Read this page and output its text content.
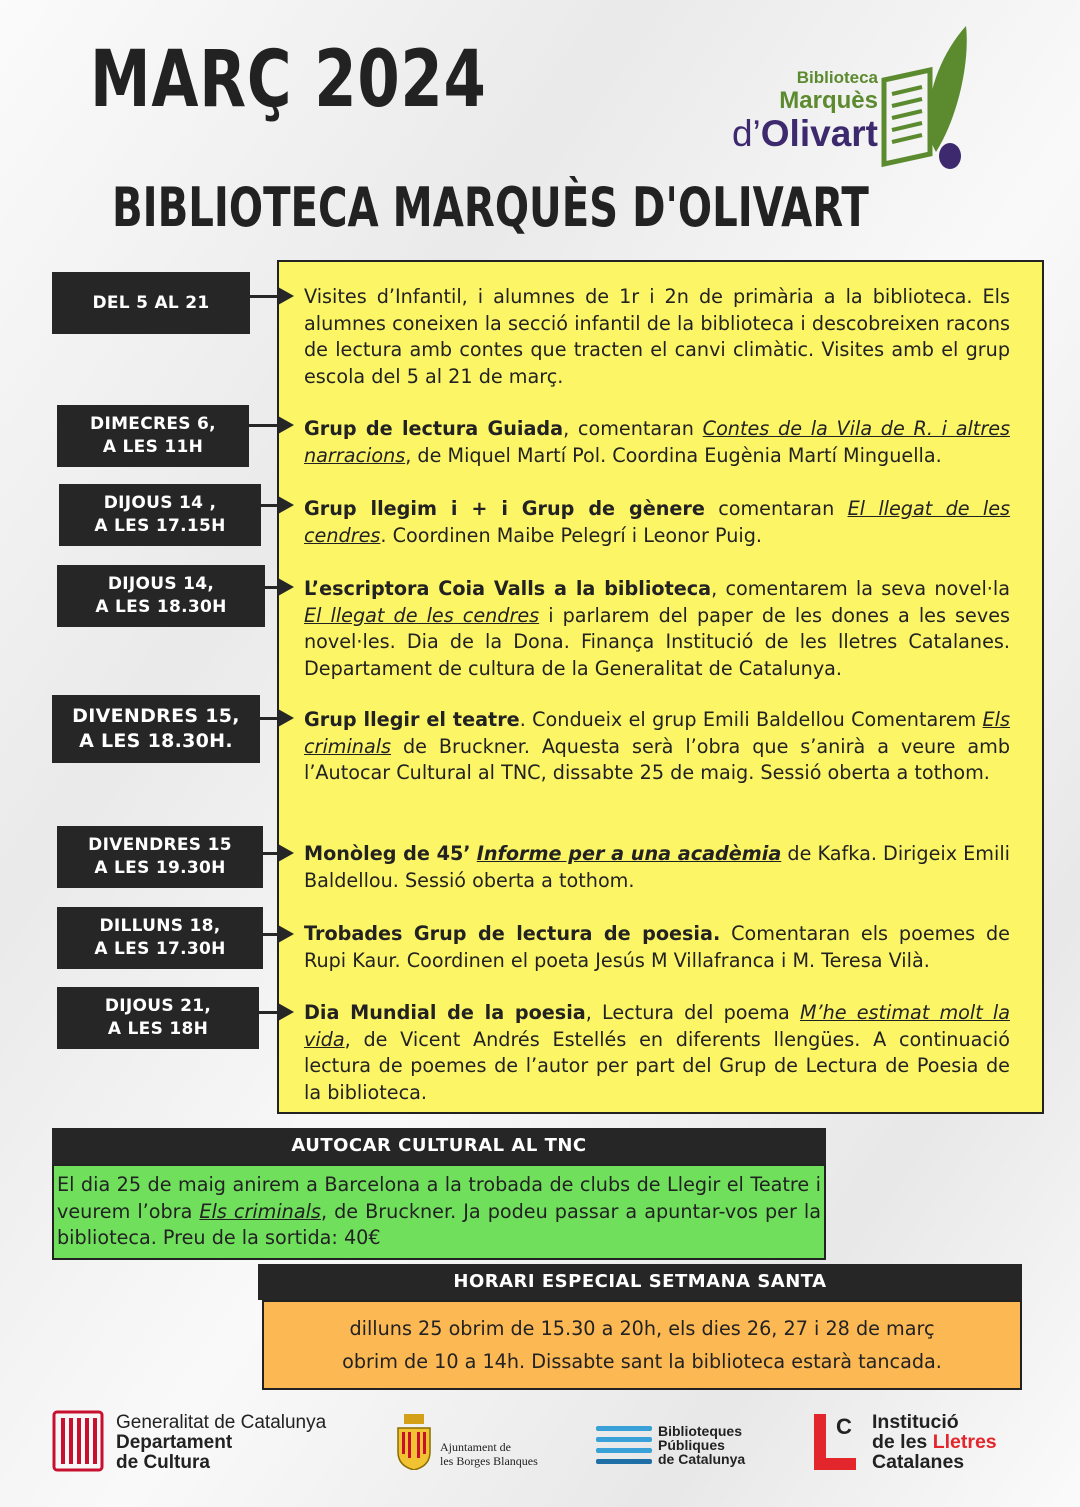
MARÇ 2024
BIBLIOTECA MARQUÈS D'OLIVART
Biblioteca
Marquès
d’Olivart
DEL 5 AL 21	Visites d’Infantil, i alumnes de 1r i 2n de primària a la biblioteca. Els alumnes coneixen la secció infantil de la biblioteca i descobreixen racons de lectura amb contes que tracten el canvi climàtic. Visites amb el grup escola del 5 al 21 de març.
DIMECRES 6,
A LES 11H
Grup de lectura Guiada, comentaran Contes de la Vila de R. i altres narracions, de Miquel Martí Pol. Coordina Eugènia Martí Minguella.
DIJOUS 14 ,
A LES 17.15H
Grup llegim i + i Grup de gènere comentaran El llegat de les cendres. Coordinen Maibe Pelegrí i Leonor Puig.
DIJOUS 14,
A LES 18.30H
L’escriptora Coia Valls a la biblioteca, comentarem la seva novel·la El llegat de les cendres i parlarem del paper de les dones a les seves novel·les. Dia de la Dona. Finança Institució de les lletres Catalanes. Departament de cultura de la Generalitat de Catalunya.
DIVENDRES 15,
A LES 18.30H.
Grup llegir el teatre. Condueix el grup Emili Baldellou Comentarem Els criminals de Bruckner. Aquesta serà l’obra que s’anirà a veure amb l’Autocar Cultural al TNC, dissabte 25 de maig. Sessió oberta a tothom.
DIVENDRES 15
A LES 19.30H
Monòleg de 45’ Informe per a una acadèmia de Kafka. Dirigeix Emili Baldellou. Sessió oberta a tothom.
DILLUNS 18,
A LES 17.30H
Trobades Grup de lectura de poesia. Comentaran els poemes de Rupi Kaur. Coordinen el poeta Jesús M Villafranca i M. Teresa Vilà.
DIJOUS 21,
A LES 18H
Dia Mundial de la poesia, Lectura del poema M’he estimat molt la vida, de Vicent Andrés Estellés en diferents llengües. A continuació lectura de poemes de l’autor per part del Grup de Lectura de Poesia de la biblioteca.
AUTOCAR CULTURAL AL TNC
El dia 25 de maig anirem a Barcelona a la trobada de clubs de Llegir el Teatre i veurem l’obra Els criminals, de Bruckner. Ja podeu passar a apuntar-vos per la biblioteca. Preu de la sortida: 40€
HORARI ESPECIAL SETMANA SANTA
dilluns 25 obrim de 15.30 a 20h, els dies 26, 27 i 28 de març
obrim de 10 a 14h. Dissabte sant la biblioteca estarà tancada.
Generalitat de Catalunya
Departament
de Cultura
Ajuntament de
les Borges Blanques
Biblioteques
Públiques
de Catalunya
C Institució
de les Lletres
Catalanes
